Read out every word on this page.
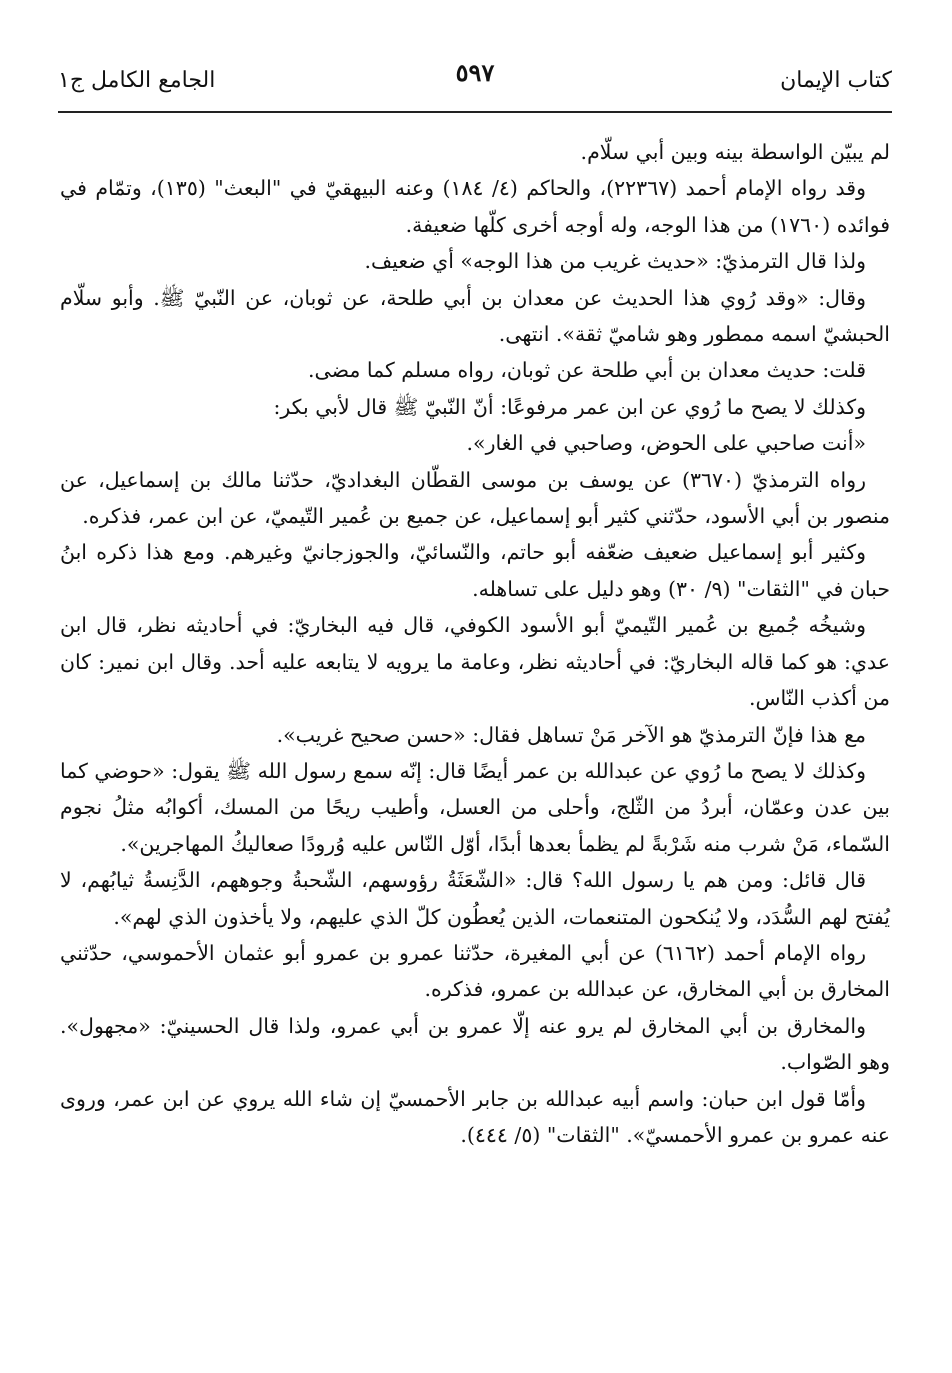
كتاب الإيمان
٥٩٧
الجامع الكامل ج١

لم يبيّن الواسطة بينه وبين أبي سلّام.

وقد رواه الإمام أحمد (٢٢٣٦٧)، والحاكم (٤/ ١٨٤) وعنه البيهقيّ في "البعث" (١٣٥)، وتمّام في فوائده (١٧٦٠) من هذا الوجه، وله أوجه أخرى كلّها ضعيفة.

ولذا قال الترمذيّ: «حديث غريب من هذا الوجه» أي ضعيف.

وقال: «وقد رُوي هذا الحديث عن معدان بن أبي طلحة، عن ثوبان، عن النّبيّ ﷺ. وأبو سلّام الحبشيّ اسمه ممطور وهو شاميّ ثقة». انتهى.

قلت: حديث معدان بن أبي طلحة عن ثوبان، رواه مسلم كما مضى.

وكذلك لا يصح ما رُوي عن ابن عمر مرفوعًا: أنّ النّبيّ ﷺ قال لأبي بكر:

«أنت صاحبي على الحوض، وصاحبي في الغار».

رواه الترمذيّ (٣٦٧٠) عن يوسف بن موسى القطّان البغداديّ، حدّثنا مالك بن إسماعيل، عن منصور بن أبي الأسود، حدّثني كثير أبو إسماعيل، عن جميع بن عُمير التّيميّ، عن ابن عمر، فذكره.

وكثير أبو إسماعيل ضعيف ضعّفه أبو حاتم، والنّسائيّ، والجوزجانيّ وغيرهم. ومع هذا ذكره ابنُ حبان في "الثقات" (٩/ ٣٠) وهو دليل على تساهله.

وشيخُه جُميع بن عُمير التّيميّ أبو الأسود الكوفي، قال فيه البخاريّ: في أحاديثه نظر، قال ابن عدي: هو كما قاله البخاريّ: في أحاديثه نظر، وعامة ما يرويه لا يتابعه عليه أحد. وقال ابن نمير: كان من أكذب النّاس.

مع هذا فإنّ الترمذيّ هو الآخر مَنْ تساهل فقال: «حسن صحيح غريب».

وكذلك لا يصح ما رُوي عن عبدالله بن عمر أيضًا قال: إنّه سمع رسول الله ﷺ يقول: «حوضي كما بين عدن وعمّان، أبردُ من الثّلج، وأحلى من العسل، وأطيب ريحًا من المسك، أكوابُه مثلُ نجوم السّماء، مَنْ شرب منه شَرْبةً لم يظمأ بعدها أبدًا، أوّل النّاس عليه وُرودًا صعاليكُ المهاجرين».

قال قائل: ومن هم يا رسول الله؟ قال: «الشّعَثَةُ رؤوسهم، الشّحبةُ وجوههم، الدَّنِسةُ ثيابُهم، لا يُفتح لهم السُّدَد، ولا يُنكحون المتنعمات، الذين يُعطُون كلّ الذي عليهم، ولا يأخذون الذي لهم».

رواه الإمام أحمد (٦١٦٢) عن أبي المغيرة، حدّثنا عمرو بن عمرو أبو عثمان الأحموسي، حدّثني المخارق بن أبي المخارق، عن عبدالله بن عمرو، فذكره.

والمخارق بن أبي المخارق لم يرو عنه إلّا عمرو بن أبي عمرو، ولذا قال الحسينيّ: «مجهول». وهو الصّواب.

وأمّا قول ابن حبان: واسم أبيه عبدالله بن جابر الأحمسيّ إن شاء الله يروي عن ابن عمر، وروى عنه عمرو بن عمرو الأحمسيّ». "الثقات" (٥/ ٤٤٤).
